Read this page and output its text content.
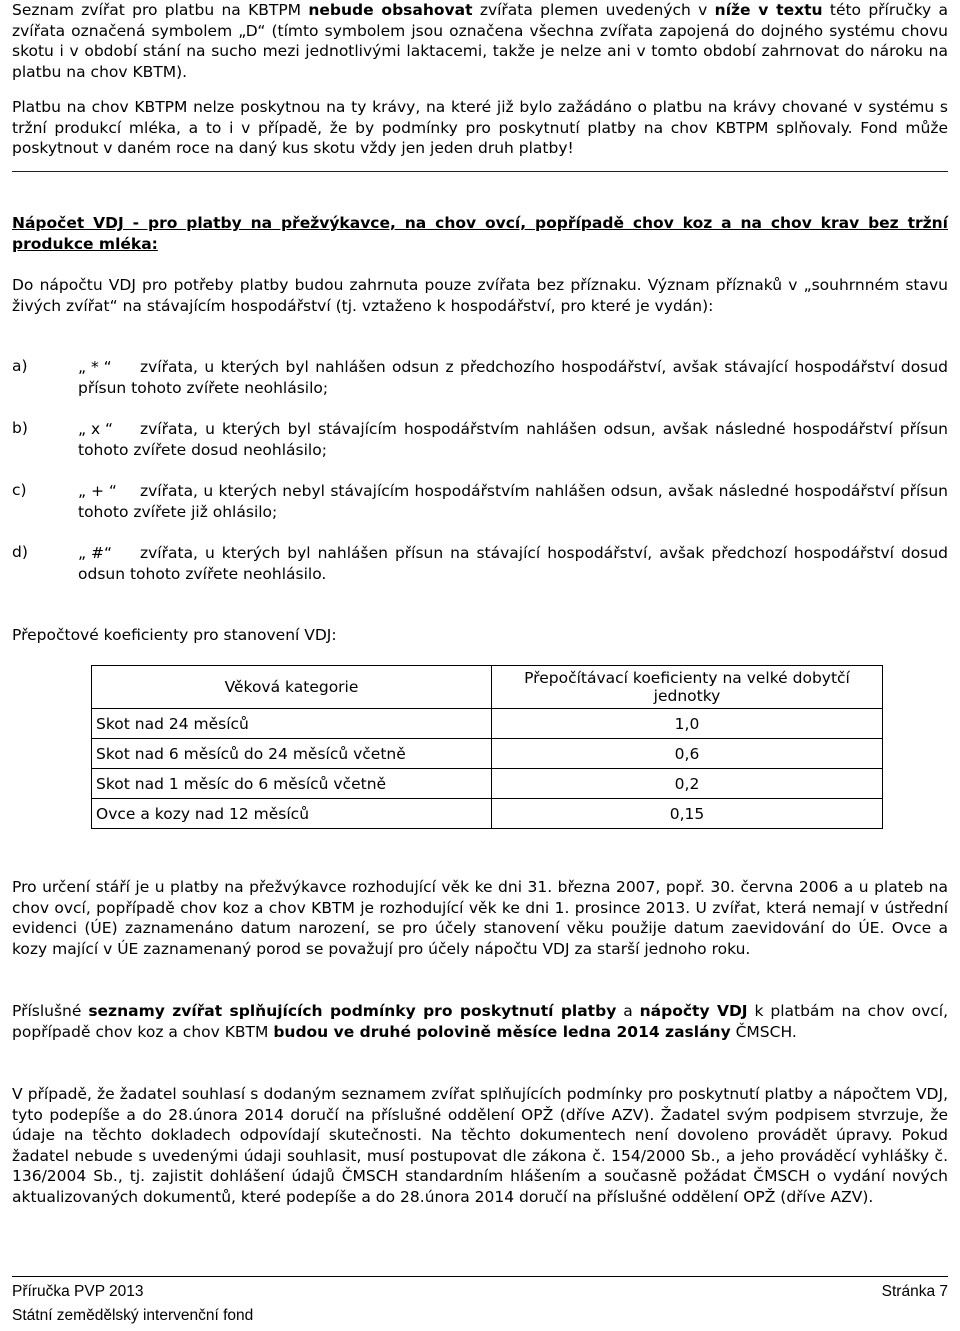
Seznam zvířat pro platbu na KBTPM nebude obsahovat zvířata plemen uvedených v níže v textu této příručky a zvířata označená symbolem „D“ (tímto symbolem jsou označena všechna zvířata zapojená do dojného systému chovu skotu i v období stání na sucho mezi jednotlivými laktacemi, takže je nelze ani v tomto období zahrnovat do nároku na platbu na chov KBTM).

Platbu na chov KBTPM nelze poskytnou na ty krávy, na které již bylo zažádáno o platbu na krávy chované v systému s tržní produkcí mléka, a to i v případě, že by podmínky pro poskytnutí platby na chov KBTPM splňovaly. Fond může poskytnout v daném roce na daný kus skotu vždy jen jeden druh platby!

Nápočet VDJ - pro platby na přežvýkavce, na chov ovcí, popřípadě chov koz a na chov krav bez tržní produkce mléka:

Do nápočtu VDJ pro potřeby platby budou zahrnuta pouze zvířata bez příznaku. Význam příznaků v „souhrnném stavu živých zvířat“ na stávajícím hospodářství (tj. vztaženo k hospodářství, pro které je vydán):

a)	„ * “ zvířata, u kterých byl nahlášen odsun z předchozího hospodářství, avšak stávající hospodářství dosud přísun tohoto zvířete neohlásilo;
b)	„ x “ zvířata, u kterých byl stávajícím hospodářstvím nahlášen odsun, avšak následné hospodářství přísun tohoto zvířete dosud neohlásilo;
c)	„ + “ zvířata, u kterých nebyl stávajícím hospodářstvím nahlášen odsun, avšak následné hospodářství přísun tohoto zvířete již ohlásilo;
d)	„ #“ zvířata, u kterých byl nahlášen přísun na stávající hospodářství, avšak předchozí hospodářství dosud odsun tohoto zvířete neohlásilo.

Přepočtové koeficienty pro stanovení VDJ:

Věková kategorie	Přepočítávací koeficienty na velké dobytčí jednotky
Skot nad 24 měsíců	1,0
Skot nad 6 měsíců do 24 měsíců včetně	0,6
Skot nad 1 měsíc do 6 měsíců včetně	0,2
Ovce a kozy nad 12 měsíců	0,15

Pro určení stáří je u platby na přežvýkavce rozhodující věk ke dni 31. března 2007, popř. 30. června 2006 a u plateb na chov ovcí, popřípadě chov koz a chov KBTM je rozhodující věk ke dni 1. prosince 2013. U zvířat, která nemají v ústřední evidenci (ÚE) zaznamenáno datum narození, se pro účely stanovení věku použije datum zaevidování do ÚE. Ovce a kozy mající v ÚE zaznamenaný porod se považují pro účely nápočtu VDJ za starší jednoho roku.

Příslušné seznamy zvířat splňujících podmínky pro poskytnutí platby a nápočty VDJ k platbám na chov ovcí, popřípadě chov koz a chov KBTM budou ve druhé polovině měsíce ledna 2014 zaslány ČMSCH.

V případě, že žadatel souhlasí s dodaným seznamem zvířat splňujících podmínky pro poskytnutí platby a nápočtem VDJ, tyto podepíše a do 28.února 2014 doručí na příslušné oddělení OPŽ (dříve AZV). Žadatel svým podpisem stvrzuje, že údaje na těchto dokladech odpovídají skutečnosti. Na těchto dokumentech není dovoleno provádět úpravy. Pokud žadatel nebude s uvedenými údaji souhlasit, musí postupovat dle zákona č. 154/2000 Sb., a jeho prováděcí vyhlášky č. 136/2004 Sb., tj. zajistit dohlášení údajů ČMSCH standardním hlášením a současně požádat ČMSCH o vydání nových aktualizovaných dokumentů, které podepíše a do 28.února 2014 doručí na příslušné oddělení OPŽ (dříve AZV).

Příručka PVP 2013	Stránka 7
Státní zemědělský intervenční fond
